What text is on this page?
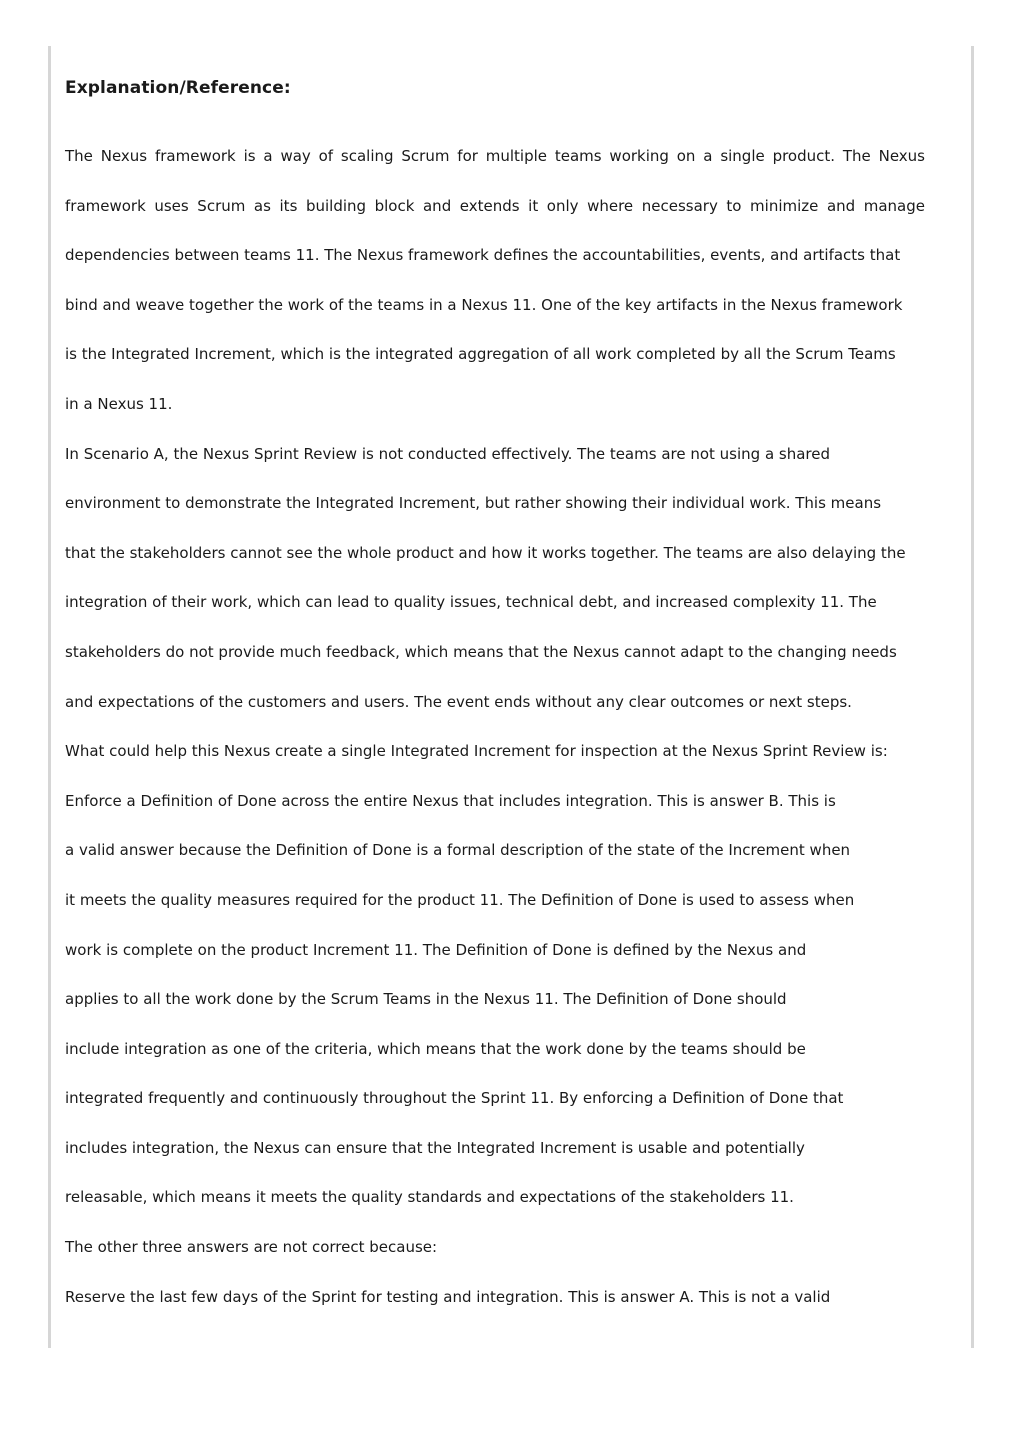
Explanation/Reference:
The Nexus framework is a way of scaling Scrum for multiple teams working on a single product. The Nexus
framework uses Scrum as its building block and extends it only where necessary to minimize and manage
dependencies between teams 11. The Nexus framework defines the accountabilities, events, and artifacts that
bind and weave together the work of the teams in a Nexus 11. One of the key artifacts in the Nexus framework
is the Integrated Increment, which is the integrated aggregation of all work completed by all the Scrum Teams
in a Nexus 11.
In Scenario A, the Nexus Sprint Review is not conducted effectively. The teams are not using a shared
environment to demonstrate the Integrated Increment, but rather showing their individual work. This means
that the stakeholders cannot see the whole product and how it works together. The teams are also delaying the
integration of their work, which can lead to quality issues, technical debt, and increased complexity 11. The
stakeholders do not provide much feedback, which means that the Nexus cannot adapt to the changing needs
and expectations of the customers and users. The event ends without any clear outcomes or next steps.
What could help this Nexus create a single Integrated Increment for inspection at the Nexus Sprint Review is:
Enforce a Definition of Done across the entire Nexus that includes integration. This is answer B. This is
a valid answer because the Definition of Done is a formal description of the state of the Increment when
it meets the quality measures required for the product 11. The Definition of Done is used to assess when
work is complete on the product Increment 11. The Definition of Done is defined by the Nexus and
applies to all the work done by the Scrum Teams in the Nexus 11. The Definition of Done should
include integration as one of the criteria, which means that the work done by the teams should be
integrated frequently and continuously throughout the Sprint 11. By enforcing a Definition of Done that
includes integration, the Nexus can ensure that the Integrated Increment is usable and potentially
releasable, which means it meets the quality standards and expectations of the stakeholders 11.
The other three answers are not correct because:
Reserve the last few days of the Sprint for testing and integration. This is answer A. This is not a valid
